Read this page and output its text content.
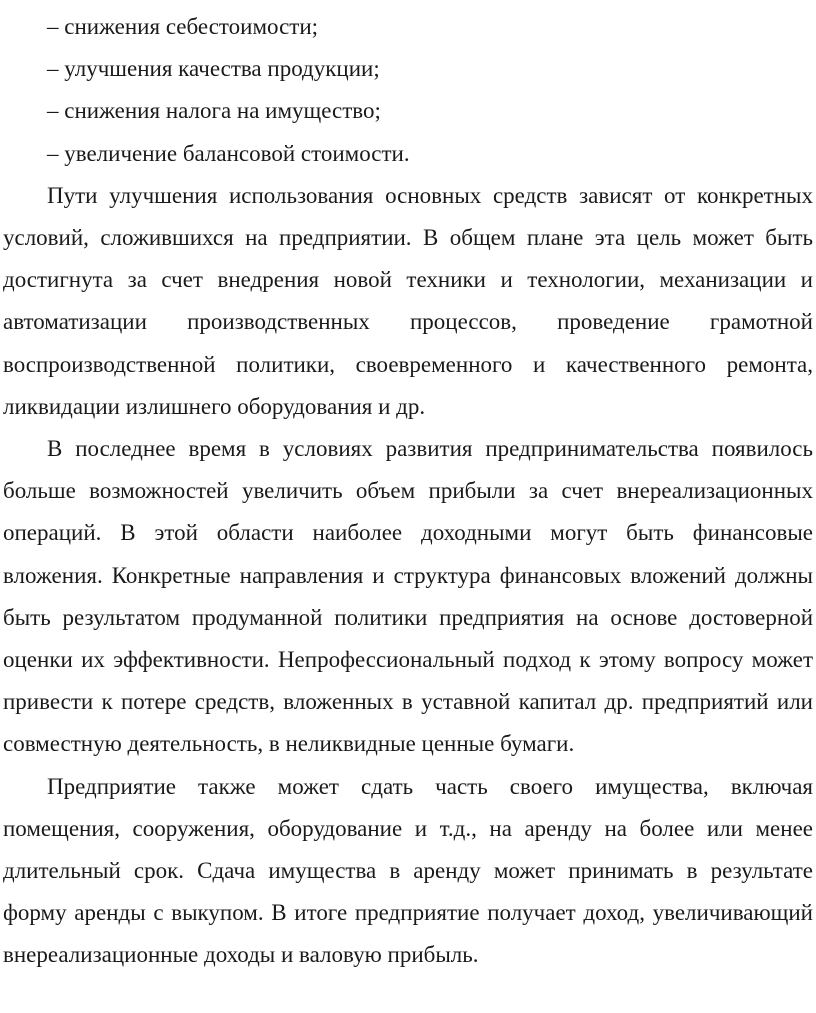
– снижения себестоимости;

– улучшения качества продукции;

– снижения налога на имущество;

– увеличение балансовой стоимости.

Пути улучшения использования основных средств зависят от конкретных условий, сложившихся на предприятии. В общем плане эта цель может быть достигнута за счет внедрения новой техники и технологии, механизации и автоматизации производственных процессов, проведение грамотной воспроизводственной политики, своевременного и качественного ремонта, ликвидации излишнего оборудования и др.

В последнее время в условиях развития предпринимательства появилось больше возможностей увеличить объем прибыли за счет внереализационных операций. В этой области наиболее доходными могут быть финансовые вложения. Конкретные направления и структура финансовых вложений должны быть результатом продуманной политики предприятия на основе достоверной оценки их эффективности. Непрофессиональный подход к этому вопросу может привести к потере средств, вложенных в уставной капитал др. предприятий или совместную деятельность, в неликвидные ценные бумаги.

Предприятие также может сдать часть своего имущества, включая помещения, сооружения, оборудование и т.д., на аренду на более или менее длительный срок. Сдача имущества в аренду может принимать в результате форму аренды с выкупом. В итоге предприятие получает доход, увеличивающий внереализационные доходы и валовую прибыль.
